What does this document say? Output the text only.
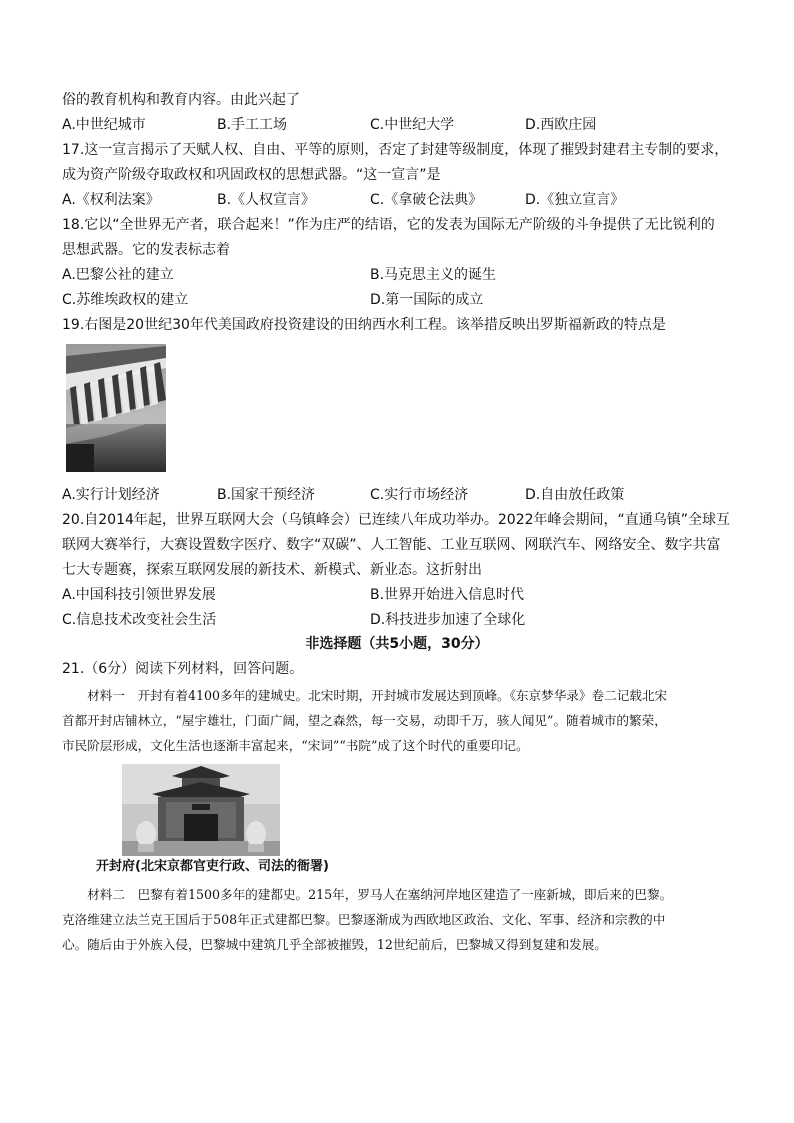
俗的教育机构和教育内容。由此兴起了
A.中世纪城市	B.手工工场	C.中世纪大学	D.西欧庄园
17.这一宣言揭示了天赋人权、自由、平等的原则，否定了封建等级制度，体现了摧毁封建君主专制的要求，
成为资产阶级夺取政权和巩固政权的思想武器。“这一宣言”是
A.《权利法案》	B.《人权宣言》	C.《拿破仑法典》	D.《独立宣言》
18.它以“全世界无产者，联合起来！”作为庄严的结语，它的发表为国际无产阶级的斗争提供了无比锐利的
思想武器。它的发表标志着
A.巴黎公社的建立	B.马克思主义的诞生
C.苏维埃政权的建立	D.第一国际的成立
19.右图是20世纪30年代美国政府投资建设的田纳西水利工程。该举措反映出罗斯福新政的特点是
A.实行计划经济	B.国家干预经济	C.实行市场经济	D.自由放任政策
20.自2014年起，世界互联网大会（乌镇峰会）已连续八年成功举办。2022年峰会期间，“直通乌镇”全球互
联网大赛举行，大赛设置数字医疗、数字“双碳”、人工智能、工业互联网、网联汽车、网络安全、数字共富
七大专题赛，探索互联网发展的新技术、新模式、新业态。这折射出
A.中国科技引领世界发展	B.世界开始进入信息时代
C.信息技术改变社会生活	D.科技进步加速了全球化
非选择题（共5小题，30分）
21.（6分）阅读下列材料，回答问题。
　　材料一　开封有着4100多年的建城史。北宋时期，开封城市发展达到顶峰。《东京梦华录》卷二记载北宋
首都开封店铺林立，“屋宇雄壮，门面广阔，望之森然，每一交易，动即千万，骇人闻见”。随着城市的繁荣，
市民阶层形成，文化生活也逐渐丰富起来，“宋词”“书院”成了这个时代的重要印记。
开封府(北宋京都官吏行政、司法的衙署)
　　材料二　巴黎有着1500多年的建都史。215年，罗马人在塞纳河岸地区建造了一座新城，即后来的巴黎。
克洛维建立法兰克王国后于508年正式建都巴黎。巴黎逐渐成为西欧地区政治、文化、军事、经济和宗教的中
心。随后由于外族入侵，巴黎城中建筑几乎全部被摧毁，12世纪前后，巴黎城又得到复建和发展。
